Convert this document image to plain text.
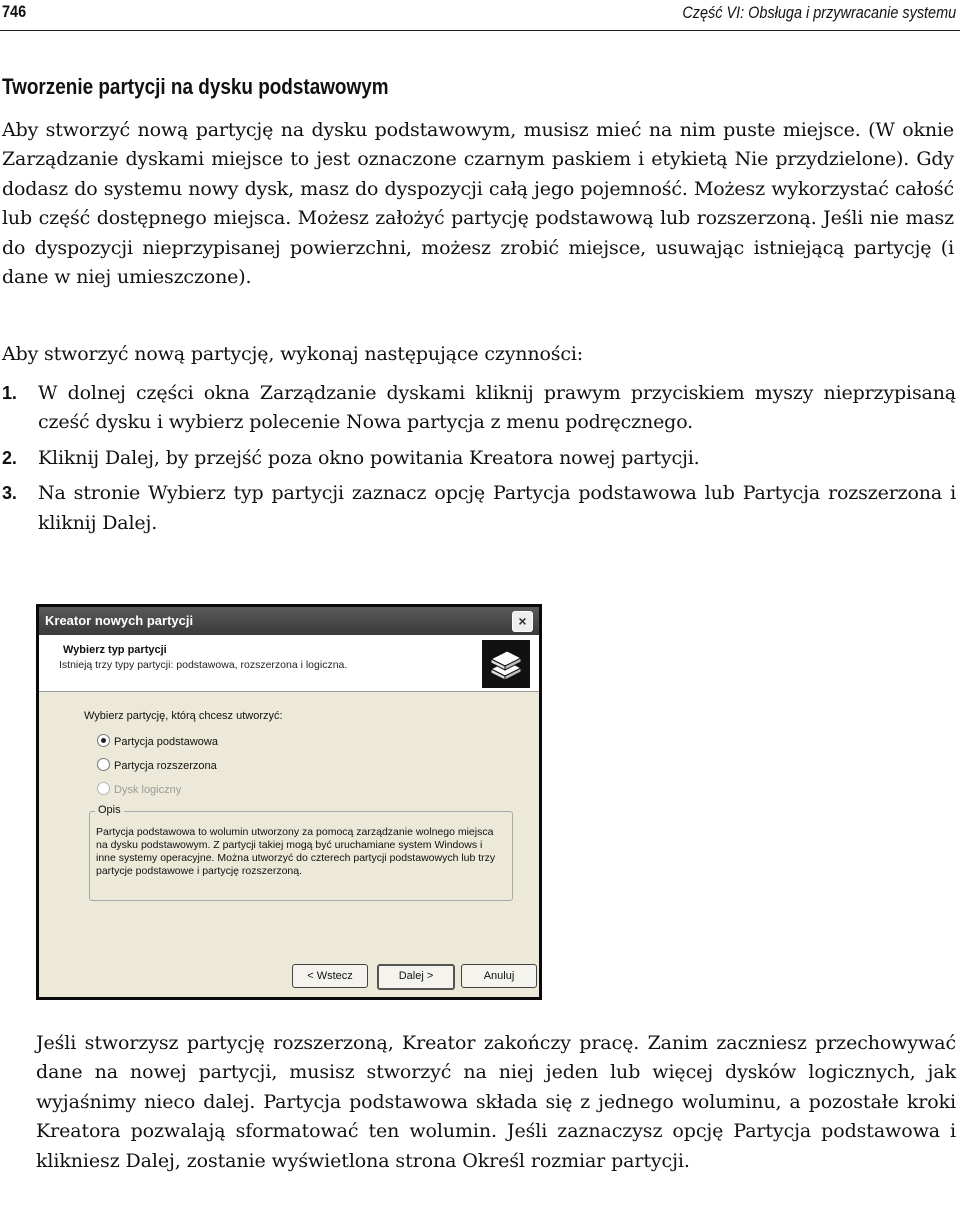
746	Część VI: Obsługa i przywracanie systemu
Tworzenie partycji na dysku podstawowym

Aby stworzyć nową partycję na dysku podstawowym, musisz mieć na nim puste miejsce. (W oknie Zarządzanie dyskami miejsce to jest oznaczone czarnym paskiem i etykietą Nie przydzielone). Gdy dodasz do systemu nowy dysk, masz do dyspozycji całą jego pojemność. Możesz wykorzystać całość lub część dostępnego miejsca. Możesz założyć partycję podstawową lub rozszerzoną. Jeśli nie masz do dyspozycji nieprzypisanej powierzchni, możesz zrobić miejsce, usuwając istniejącą partycję (i dane w niej umieszczone).

Aby stworzyć nową partycję, wykonaj następujące czynności:

1. W dolnej części okna Zarządzanie dyskami kliknij prawym przyciskiem myszy nieprzypisaną cześć dysku i wybierz polecenie Nowa partycja z menu podręcznego.
2. Kliknij Dalej, by przejść poza okno powitania Kreatora nowej partycji.
3. Na stronie Wybierz typ partycji zaznacz opcję Partycja podstawowa lub Partycja rozszerzona i kliknij Dalej.
Kreator nowych partycji	×
Wybierz typ partycji
Istnieją trzy typy partycji: podstawowa, rozszerzona i logiczna.
Wybierz partycję, którą chcesz utworzyć:
Partycja podstawowa
Partycja rozszerzona
Dysk logiczny
Opis
Partycja podstawowa to wolumin utworzony za pomocą zarządzanie wolnego miejsca na dysku podstawowym. Z partycji takiej mogą być uruchamiane system Windows i inne systemy operacyjne. Można utworzyć do czterech partycji podstawowych lub trzy partycje podstawowe i partycję rozszerzoną.
< Wstecz	Dalej >	Anuluj

Jeśli stworzysz partycję rozszerzoną, Kreator zakończy pracę. Zanim zaczniesz przechowywać dane na nowej partycji, musisz stworzyć na niej jeden lub więcej dysków logicznych, jak wyjaśnimy nieco dalej. Partycja podstawowa składa się z jednego woluminu, a pozostałe kroki Kreatora pozwalają sformatować ten wolumin. Jeśli zaznaczysz opcję Partycja podstawowa i klikniesz Dalej, zostanie wyświetlona strona Określ rozmiar partycji.
